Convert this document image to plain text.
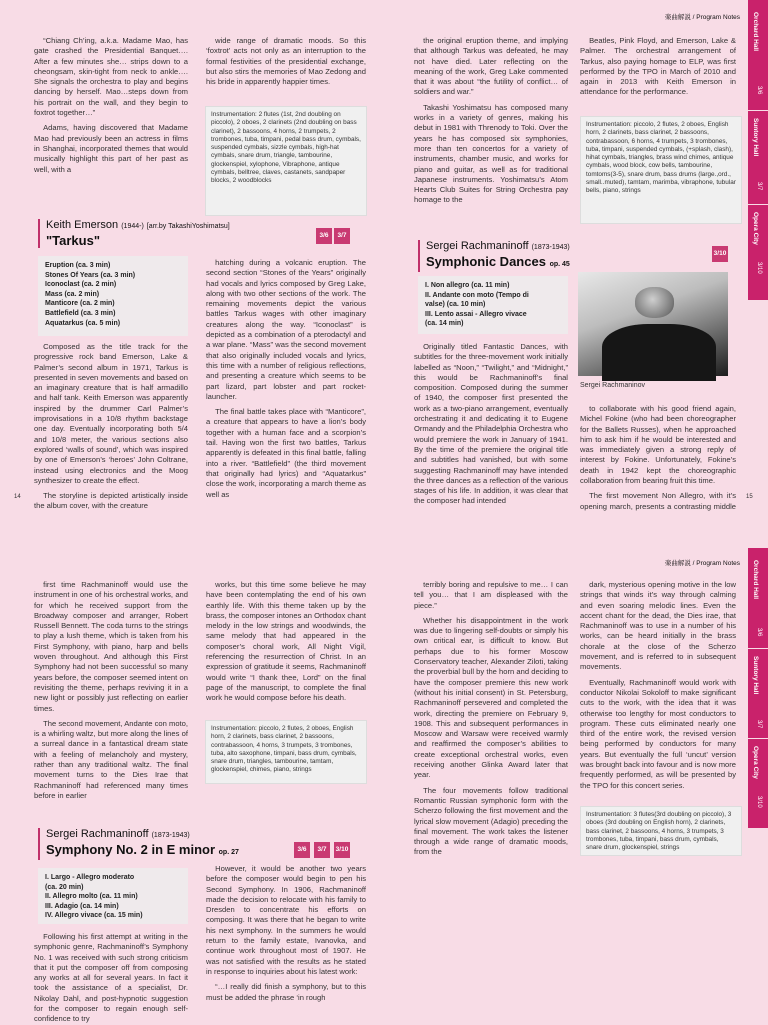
楽曲解説 / Program Notes

“Chiang Ch’ing, a.k.a. Madame Mao, has gate crashed the Presidential Banquet…. After a few minutes she… strips down to a cheongsam, skin-tight from neck to ankle…. She signals the orchestra to play and begins dancing by herself. Mao…steps down from his portrait on the wall, and they begin to foxtrot together…”

Adams, having discovered that Madame Mao had previously been an actress in films in Shanghai, incorporated themes that would musically highlight this part of her past as well, with a

wide range of dramatic moods. So this ‘foxtrot’ acts not only as an interruption to the formal festivities of the presidential exchange, but also stirs the memories of Mao Zedong and his bride in apparently happier times.

Instrumentation: 2 flutes (1st, 2nd doubling on piccolo), 2 oboes, 2 clarinets (2nd doubling on bass clarinet), 2 bassoons, 4 horns, 2 trumpets, 2 trombones, tuba, timpani, pedal bass drum, cymbals, suspended cymbals, sizzle cymbals, high-hat cymbals, snare drum, triangle, tambourine, glockenspiel, xylophone, Vibraphone, antique cymbals, belltree, claves, castanets, sandpaper blocks, 2 woodblocks
Keith Emerson (1944-) [arr.by TakashiYoshimatsu]
"Tarkus"	3/6	3/7
Eruption (ca. 3 min)
Stones Of Years (ca. 3 min)
Iconoclast (ca. 2 min)
Mass (ca. 2 min)
Manticore (ca. 2 min)
Battlefield (ca. 3 min)
Aquatarkus (ca. 5 min)

Composed as the title track for the progressive rock band Emerson, Lake & Palmer’s second album in 1971, Tarkus is presented in seven movements and based on an imaginary creature that is half armadillo and half tank. Keith Emerson was apparently inspired by the drummer Carl Palmer’s improvisations in a 10/8 rhythm backstage one day. Eventually incorporating both 5/4 and 10/8 meter, the various sections also explored ‘walls of sound’, which was inspired by one of Emerson’s ‘heroes’ John Coltrane, instead using electronics and the Moog synthesizer to create the effect.

The storyline is depicted artistically inside the album cover, with the creature

hatching during a volcanic eruption. The second section “Stones of the Years” originally had vocals and lyrics composed by Greg Lake, along with two other sections of the work. The remaining movements depict the various battles Tarkus wages with other imaginary creatures along the way. “Iconoclast” is depicted as a combination of a pterodactyl and a war plane. “Mass” was the second movement that also originally included vocals and lyrics, this time with a number of religious reflections, and presenting a creature which seems to be part lizard, part lobster and part rocket-launcher.

The final battle takes place with “Manticore”, a creature that appears to have a lion’s body together with a human face and a scorpion’s tail. Having won the first two battles, Tarkus apparently is defeated in this final battle, falling into a river. “Battlefield” (the third movement that originally had lyrics) and “Aquatarkus” close the work, incorporating a march theme as well as

the original eruption theme, and implying that although Tarkus was defeated, he may not have died. Later reflecting on the meaning of the work, Greg Lake commented that it was about “the futility of conflict… of soldiers and war.”

Takashi Yoshimatsu has composed many works in a variety of genres, making his debut in 1981 with Threnody to Toki. Over the years he has composed six symphonies, more than ten concertos for a variety of instruments, chamber music, and works for piano and guitar, as well as for traditional Japanese instruments. Yoshimatsu’s Atom Hearts Club Suites for String Orchestra pay homage to the

Beatles, Pink Floyd, and Emerson, Lake & Palmer. The orchestral arrangement of Tarkus, also paying homage to ELP, was first performed by the TPO in March of 2010 and again in 2013 with Keith Emerson in attendance for the performance.

Instrumentation: piccolo, 2 flutes, 2 oboes, English horn, 2 clarinets, bass clarinet, 2 bassoons, contrabassoon, 6 horns, 4 trumpets, 3 trombones, tuba, timpani, suspended cymbals, (+splash, clash), hihat cymbals, triangles, brass wind chimes, antique cymbals, wood block, cow bells, tambourine, tomtoms(3-5), snare drum, bass drums (large.,ord., small..muted), tamtam, marimba, vibraphone, tubular bells, piano, strings
Sergei Rachmaninoff (1873-1943)
Symphonic Dances op. 45
3/10
I. Non allegro (ca. 11 min)
II. Andante con moto (Tempo di
valse) (ca. 10 min)
III. Lento assai - Allegro vivace
(ca. 14 min)
Sergei Rachmaninov

Originally titled Fantastic Dances, with subtitles for the three-movement work initially labelled as “Noon,” “Twilight,” and “Midnight,” this would be Rachmaninoff’s final composition. Composed during the summer of 1940, the composer first presented the work as a two-piano arrangement, eventually orchestrating it and dedicating it to Eugene Ormandy and the Philadelphia Orchestra who would premiere the work in January of 1941. By the time of the premiere the original title and subtitles had vanished, but with some suggesting Rachmaninoff may have intended the three dances as a reflection of the various stages of his life. In addition, it was clear that the composer had intended

to collaborate with his good friend again, Michel Fokine (who had been choreographer for the Ballets Russes), when he approached him to ask him if he would be interested and was immediately given a strong reply of interest by Fokine. Unfortunately, Fokine’s death in 1942 kept the choreographic collaboration from bearing fruit this time.

The first movement Non Allegro, with it’s opening march, presents a contrasting middle

14	15
Orchard Hall
3/6
Suntory Hall
3/7
Opera City
3/10
楽曲解説 / Program Notes

first time Rachmaninoff would use the instrument in one of his orchestral works, and for which he received support from the Broadway composer and arranger, Robert Russell Bennett. The coda turns to the strings to play a lush theme, which is taken from his First Symphony, with piano, harp and bells woven throughout. And although this First Symphony had not been successful so many years before, the composer seemed intent on revisiting the theme, perhaps reviving it in a new light or possibly just reflecting on earlier times.

The second movement, Andante con moto, is a whirling waltz, but more along the lines of a surreal dance in a fantastical dream state with a feeling of melancholy and mystery, rather than any traditional waltz. The final movement turns to the Dies Irae that Rachmaninoff had referenced many times before in earlier

works, but this time some believe he may have been contemplating the end of his own earthly life. With this theme taken up by the brass, the composer intones an Orthodox chant melody in the low strings and woodwinds, the same melody that had appeared in the composer’s choral work, All Night Vigil, referencing the resurrection of Christ. In an expression of gratitude it seems, Rachmaninoff would write “I thank thee, Lord” on the final page of the manuscript, to complete the final work he would compose before his death.

Instrumentation: piccolo, 2 flutes, 2 oboes, English horn, 2 clarinets, bass clarinet, 2 bassoons, contrabassoon, 4 horns, 3 trumpets, 3 trombones, tuba, alto saxophone, timpani, bass drum, cymbals, snare drum, triangles, tambourine, tamtam, glockenspiel, chimes, piano, strings

terribly boring and repulsive to me… I can tell you… that I am displeased with the piece.”

Whether his disappointment in the work was due to lingering self-doubts or simply his own critical ear, is difficult to know. But perhaps due to his former Moscow Conservatory teacher, Alexander Ziloti, taking the proverbial bull by the horn and deciding to have the composer premiere this new work (without his initial consent) in St. Petersburg, Rachmaninoff persevered and completed the work, directing the premiere on February 9, 1908. This and subsequent performances in Moscow and Warsaw were received warmly and reaffirmed the composer’s abilities to create exceptional orchestral works, even receiving another Glinka Award later that year.

The four movements follow traditional Romantic Russian symphonic form with the Scherzo following the first movement and the lyrical slow movement (Adagio) preceding the final movement. The work takes the listener through a wide range of dramatic moods, from the

dark, mysterious opening motive in the low strings that winds it’s way through calming and even soaring melodic lines. Even the accent chant for the dead, the Dies irae, that Rachmaninoff was to use in a number of his works, can be heard initially in the brass chorale at the close of the Scherzo movement, and is referred to in subsequent movements.

Eventually, Rachmaninoff would work with conductor Nikolai Sokoloff to make significant cuts to the work, with the idea that it was otherwise too lengthy for most conductors to program. These cuts eliminated nearly one third of the entire work, the revised version being performed by conductors for many years. But eventually the full ‘uncut’ version was brought back into favour and is now more frequently performed, as will be presented by the TPO for this concert series.

Instrumentation: 3 flutes(3rd doubling on piccolo), 3 oboes (3rd doubling on English horn), 2 clarinets, bass clarinet, 2 bassoons, 4 horns, 3 trumpets, 3 trombones, tuba, timpani, bass drum, cymbals, snare drum, glockenspiel, strings
Sergei Rachmaninoff (1873-1943)
Symphony No. 2 in E minor op. 27	3/6	3/7	3/10
I. Largo - Allegro moderato
(ca. 20 min)
II. Allegro molto (ca. 11 min)
III. Adagio (ca. 14 min)
IV. Allegro vivace (ca. 15 min)

Following his first attempt at writing in the symphonic genre, Rachmaninoff’s Symphony No. 1 was received with such strong criticism that it put the composer off from composing any works at all for several years. In fact it took the assistance of a specialist, Dr. Nikolay Dahl, and post-hypnotic suggestion for the composer to regain enough self-confidence to try

However, it would be another two years before the composer would begin to pen his Second Symphony. In 1906, Rachmaninoff made the decision to relocate with his family to Dresden to concentrate his efforts on composing. It was there that he began to write his next symphony. In the summers he would return to the family estate, Ivanovka, and continue work throughout most of 1907. He was not satisfied with the results as he stated in response to inquiries about his latest work:

“…I really did finish a symphony, but to this must be added the phrase ‘in rough

Orchard Hall
3/6
Suntory Hall
3/7
Opera City
3/10
